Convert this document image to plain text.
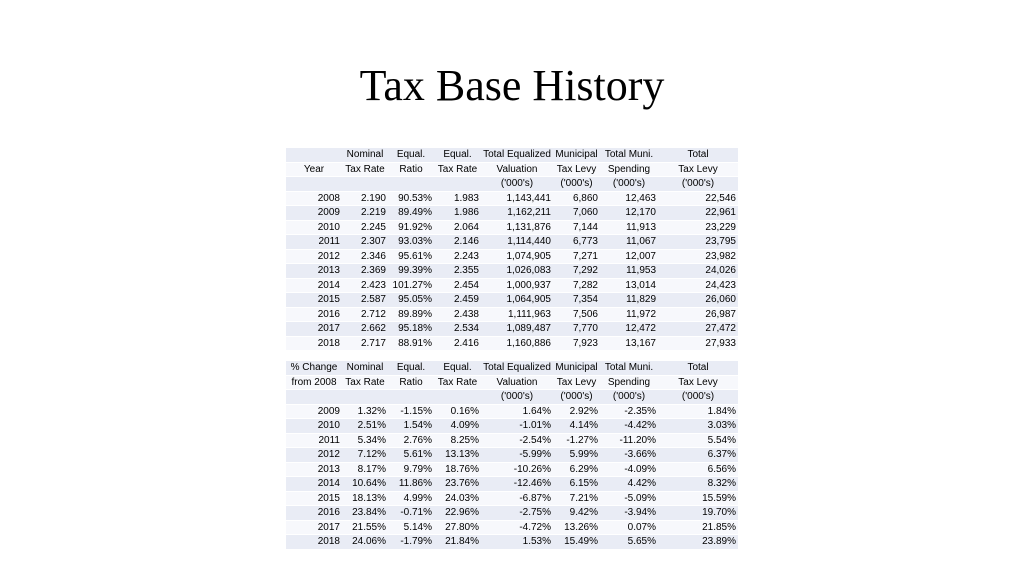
Tax Base History
	Nominal	Equal.	Equal.	Total Equalized	Municipal	Total Muni.	Total
Year	Tax Rate	Ratio	Tax Rate	Valuation	Tax Levy	Spending	Tax Levy
				('000's)	('000's)	('000's)	('000's)
2008	2.190	90.53%	1.983	1,143,441	6,860	12,463	22,546
2009	2.219	89.49%	1.986	1,162,211	7,060	12,170	22,961
2010	2.245	91.92%	2.064	1,131,876	7,144	11,913	23,229
2011	2.307	93.03%	2.146	1,114,440	6,773	11,067	23,795
2012	2.346	95.61%	2.243	1,074,905	7,271	12,007	23,982
2013	2.369	99.39%	2.355	1,026,083	7,292	11,953	24,026
2014	2.423	101.27%	2.454	1,000,937	7,282	13,014	24,423
2015	2.587	95.05%	2.459	1,064,905	7,354	11,829	26,060
2016	2.712	89.89%	2.438	1,111,963	7,506	11,972	26,987
2017	2.662	95.18%	2.534	1,089,487	7,770	12,472	27,472
2018	2.717	88.91%	2.416	1,160,886	7,923	13,167	27,933
% Change	Nominal	Equal.	Equal.	Total Equalized	Municipal	Total Muni.	Total
from 2008	Tax Rate	Ratio	Tax Rate	Valuation	Tax Levy	Spending	Tax Levy
				('000's)	('000's)	('000's)	('000's)
2009	1.32%	-1.15%	0.16%	1.64%	2.92%	-2.35%	1.84%
2010	2.51%	1.54%	4.09%	-1.01%	4.14%	-4.42%	3.03%
2011	5.34%	2.76%	8.25%	-2.54%	-1.27%	-11.20%	5.54%
2012	7.12%	5.61%	13.13%	-5.99%	5.99%	-3.66%	6.37%
2013	8.17%	9.79%	18.76%	-10.26%	6.29%	-4.09%	6.56%
2014	10.64%	11.86%	23.76%	-12.46%	6.15%	4.42%	8.32%
2015	18.13%	4.99%	24.03%	-6.87%	7.21%	-5.09%	15.59%
2016	23.84%	-0.71%	22.96%	-2.75%	9.42%	-3.94%	19.70%
2017	21.55%	5.14%	27.80%	-4.72%	13.26%	0.07%	21.85%
2018	24.06%	-1.79%	21.84%	1.53%	15.49%	5.65%	23.89%
